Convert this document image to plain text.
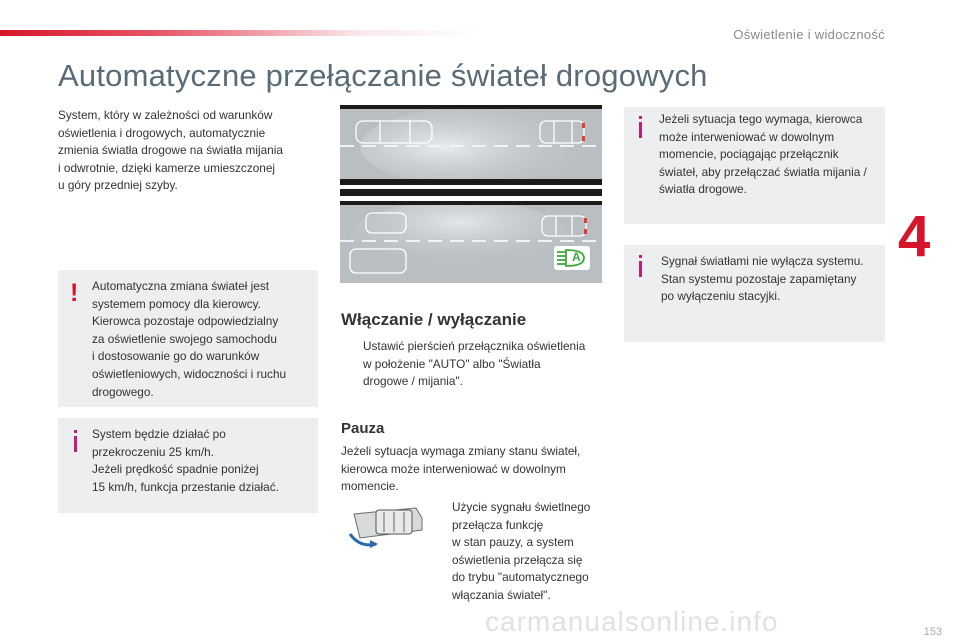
Oświetlenie i widoczność
4
Automatyczne przełączanie świateł drogowych
System, który w zależności od warunków
oświetlenia i drogowych, automatycznie
zmienia światła drogowe na światła mijania
i odwrotnie, dzięki kamerze umieszczonej
u góry przedniej szyby.
! Automatyczna zmiana świateł jest
systemem pomocy dla kierowcy.
Kierowca pozostaje odpowiedzialny
za oświetlenie swojego samochodu
i dostosowanie go do warunków
oświetleniowych, widoczności i ruchu
drogowego.
System będzie działać po
przekroczeniu 25 km/h.
Jeżeli prędkość spadnie poniżej
15 km/h, funkcja przestanie działać.
A
Włączanie / wyłączanie
Ustawić pierścień przełącznika oświetlenia
w położenie "AUTO" albo "Światła
drogowe / mijania".
Pauza
Jeżeli sytuacja wymaga zmiany stanu świateł,
kierowca może interweniować w dowolnym
momencie.
Użycie sygnału świetlnego
przełącza funkcję
w stan pauzy, a system
oświetlenia przełącza się
do trybu "automatycznego
włączania świateł".
Jeżeli sytuacja tego wymaga, kierowca
może interweniować w dowolnym
momencie, pociągając przełącznik
świateł, aby przełączać światła mijania /
światła drogowe.
Sygnał światłami nie wyłącza systemu.
Stan systemu pozostaje zapamiętany
po wyłączeniu stacyjki.
carmanualsonline.info	153
